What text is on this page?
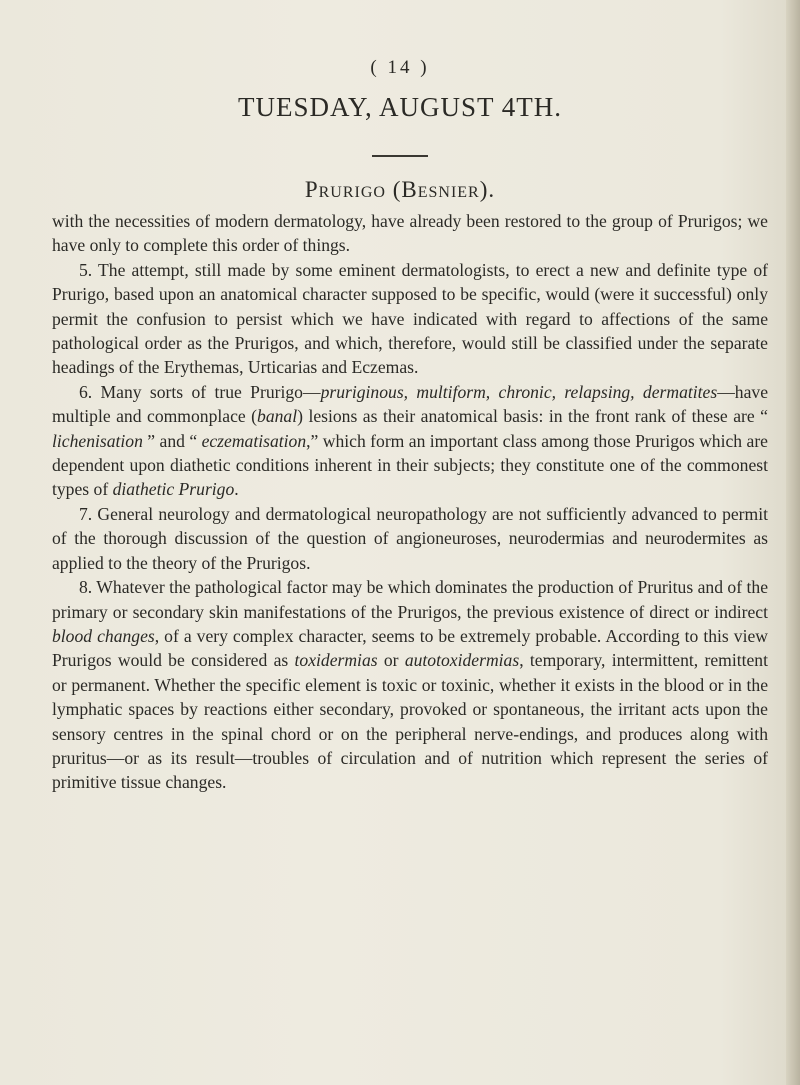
( 14 )
TUESDAY, AUGUST 4TH.
Prurigo (Besnier).

with the necessities of modern dermatology, have already been restored to the group of Prurigos; we have only to complete this order of things.

5. The attempt, still made by some eminent dermatologists, to erect a new and definite type of Prurigo, based upon an anatomical character supposed to be specific, would (were it successful) only permit the confusion to persist which we have indicated with regard to affections of the same pathological order as the Prurigos, and which, therefore, would still be classified under the separate headings of the Erythemas, Urticarias and Eczemas.

6. Many sorts of true Prurigo—pruriginous, multiform, chronic, relapsing, dermatites—have multiple and commonplace (banal) lesions as their anatomical basis: in the front rank of these are “ lichenisation ” and “ eczematisation,” which form an important class among those Prurigos which are dependent upon diathetic conditions inherent in their subjects; they constitute one of the commonest types of diathetic Prurigo.

7. General neurology and dermatological neuropathology are not sufficiently advanced to permit of the thorough discussion of the question of angioneuroses, neurodermias and neurodermites as applied to the theory of the Prurigos.

8. Whatever the pathological factor may be which dominates the production of Pruritus and of the primary or secondary skin manifestations of the Prurigos, the previous existence of direct or indirect blood changes, of a very complex character, seems to be extremely probable. According to this view Prurigos would be considered as toxidermias or autotoxidermias, temporary, intermittent, remittent or permanent. Whether the specific element is toxic or toxinic, whether it exists in the blood or in the lymphatic spaces by reactions either secondary, provoked or spontaneous, the irritant acts upon the sensory centres in the spinal chord or on the peripheral nerve-endings, and produces along with pruritus—or as its result—troubles of circulation and of nutrition which represent the series of primitive tissue changes.
